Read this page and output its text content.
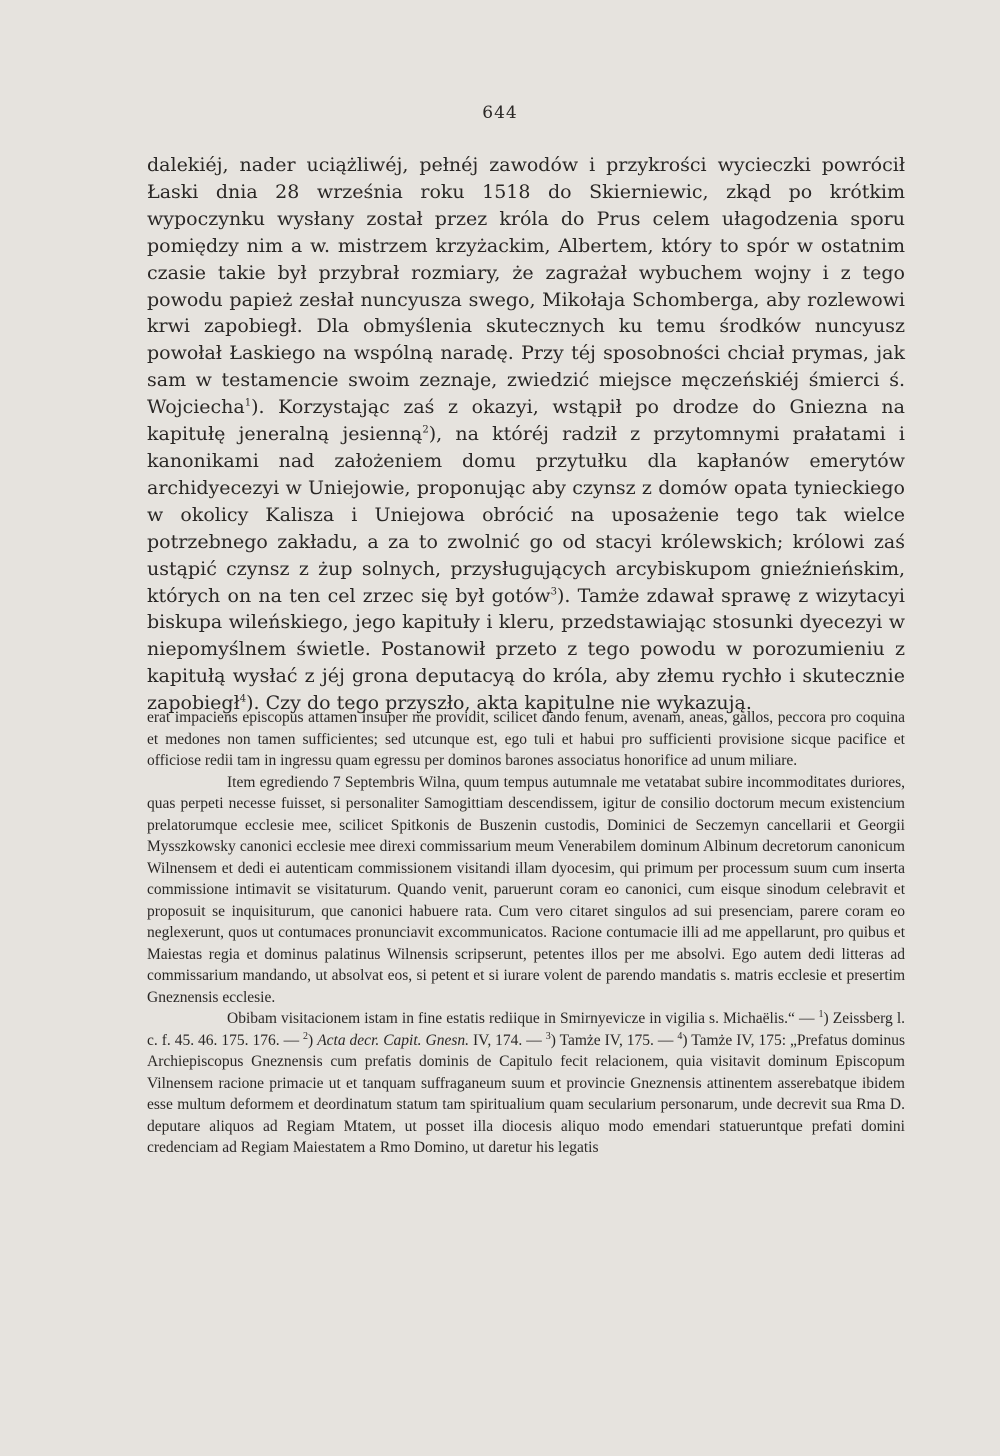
644

dalekiéj, nader uciążliwéj, pełnéj zawodów i przykrości wycieczki powrócił Łaski dnia 28 września roku 1518 do Skierniewic, zkąd po krótkim wypoczynku wysłany został przez króla do Prus celem ułagodzenia sporu pomiędzy nim a w. mistrzem krzyżackim, Albertem, który to spór w ostatnim czasie takie był przybrał rozmiary, że zagrażał wybuchem wojny i z tego powodu papież zesłał nuncyusza swego, Mikołaja Schomberga, aby rozlewowi krwi zapobiegł. Dla obmyślenia skutecznych ku temu środków nuncyusz powołał Łaskiego na wspólną naradę. Przy téj sposobności chciał prymas, jak sam w testamencie swoim zeznaje, zwiedzić miejsce męczeńskiéj śmierci ś. Wojciecha$^1$). Korzystając zaś z okazyi, wstąpił po drodze do Gniezna na kapitułę jeneralną jesienną$^2$), na któréj radził z przytomnymi prałatami i kanonikami nad założeniem domu przytułku dla kapłanów emerytów archidyecezyi w Uniejowie, proponując aby czynsz z domów opata tynieckiego w okolicy Kalisza i Uniejowa obrócić na uposażenie tego tak wielce potrzebnego zakładu, a za to zwolnić go od stacyi królewskich; królowi zaś ustąpić czynsz z żup solnych, przysługujących arcybiskupom gnieźnieńskim, których on na ten cel zrzec się był gotów$^3$). Tamże zdawał sprawę z wizytacyi biskupa wileńskiego, jego kapituły i kleru, przedstawiając stosunki dyecezyi w niepomyślnem świetle. Postanowił przeto z tego powodu w porozumieniu z kapitułą wysłać z jéj grona deputacyą do króla, aby złemu rychło i skutecznie zapobiegł$^4$). Czy do tego przyszło, akta kapitulne nie wykazują.

erat impaciens episcopus attamen insuper me providit, scilicet dando fenum, avenam, aneas, gallos, peccora pro coquina et medones non tamen sufficientes; sed utcunque est, ego tuli et habui pro sufficienti provisione sicque pacifice et officiose redii tam in ingressu quam egressu per dominos barones associatus honorifice ad unum miliare.

Item egrediendo 7 Septembris Wilna, quum tempus autumnale me vetatabat subire incommoditates duriores, quas perpeti necesse fuisset, si personaliter Samogittiam descendissem, igitur de consilio doctorum mecum existencium prelatorumque ecclesie mee, scilicet Spitkonis de Buszenin custodis, Dominici de Seczemyn cancellarii et Georgii Mysszkowsky canonici ecclesie mee direxi commissarium meum Venerabilem dominum Albinum decretorum canonicum Wilnensem et dedi ei autenticam commissionem visitandi illam dyocesim, qui primum per processum suum cum inserta commissione intimavit se visitaturum. Quando venit, paruerunt coram eo canonici, cum eisque sinodum celebravit et proposuit se inquisiturum, que canonici habuere rata. Cum vero citaret singulos ad sui presenciam, parere coram eo neglexerunt, quos ut contumaces pronunciavit excommunicatos. Racione contumacie illi ad me appellarunt, pro quibus et Maiestas regia et dominus palatinus Wilnensis scripserunt, petentes illos per me absolvi. Ego autem dedi litteras ad commissarium mandando, ut absolvat eos, si petent et si iurare volent de parendo mandatis s. matris ecclesie et presertim Gneznensis ecclesie.

Obibam visitacionem istam in fine estatis rediique in Smirnyevicze in vigilia s. Michaëlis.“ — $^1$) Zeissberg l. c. f. 45. 46. 175. 176. — $^2$) Acta decr. Capit. Gnesn. IV, 174. — $^3$) Tamże IV, 175. — $^4$) Tamże IV, 175: „Prefatus dominus Archiepiscopus Gneznensis cum prefatis dominis de Capitulo fecit relacionem, quia visitavit dominum Episcopum Vilnensem racione primacie ut et tanquam suffraganeum suum et provincie Gneznensis attinentem asserebatque ibidem esse multum deformem et deordinatum statum tam spiritualium quam secularium personarum, unde decrevit sua Rma D. deputare aliquos ad Regiam Mtatem, ut posset illa diocesis aliquo modo emendari statueruntque prefati domini credenciam ad Regiam Maiestatem a Rmo Domino, ut daretur his legatis
